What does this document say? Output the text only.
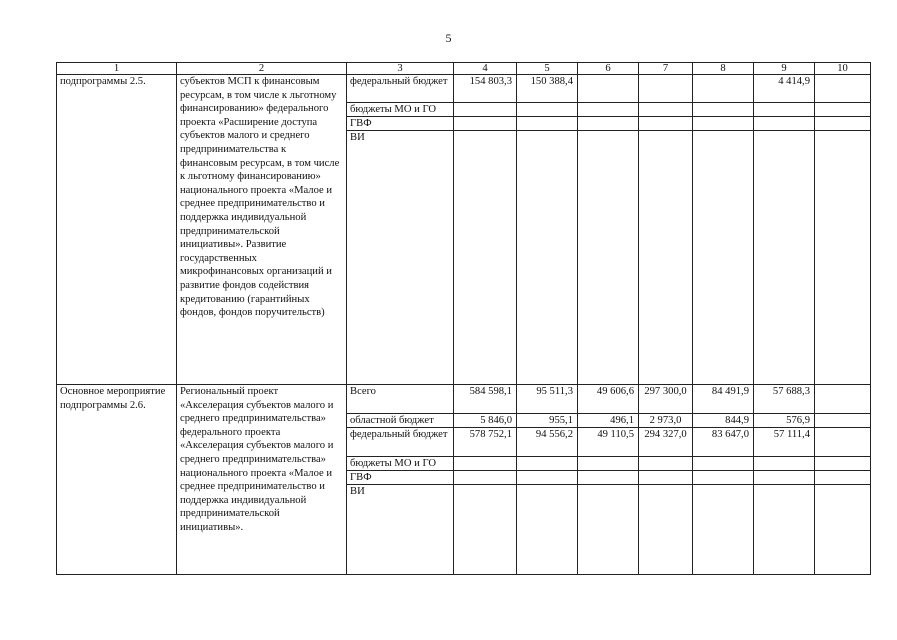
5
1	2	3	4	5	6	7	8	9	10
подпрограммы 2.5.	субъектов МСП к финансовым ресурсам, в том числе к льготному финансированию» федерального проекта «Расширение доступа субъектов малого и среднего предпринимательства к финансовым ресурсам, в том числе к льготному финансированию» национального проекта «Малое и среднее предпринимательство и поддержка индивидуальной предпринимательской инициативы». Развитие государственных микрофинансовых организаций и развитие фондов содействия кредитованию (гарантийных фондов, фондов поручительств)	федеральный бюджет	154 803,3	150 388,4				4 414,9	
		бюджеты МО и ГО							
		ГВФ							
		ВИ							
Основное мероприятие подпрограммы 2.6.	Региональный проект «Акселерация субъектов малого и среднего предпринимательства» федерального проекта «Акселерация субъектов малого и среднего предпринимательства» национального проекта «Малое и среднее предпринимательство и поддержка индивидуальной предпринимательской инициативы».	Всего	584 598,1	95 511,3	49 606,6	297 300,0	84 491,9	57 688,3	
		областной бюджет	5 846,0	955,1	496,1	2 973,0	844,9	576,9	
		федеральный бюджет	578 752,1	94 556,2	49 110,5	294 327,0	83 647,0	57 111,4	
		бюджеты МО и ГО							
		ГВФ							
		ВИ							
